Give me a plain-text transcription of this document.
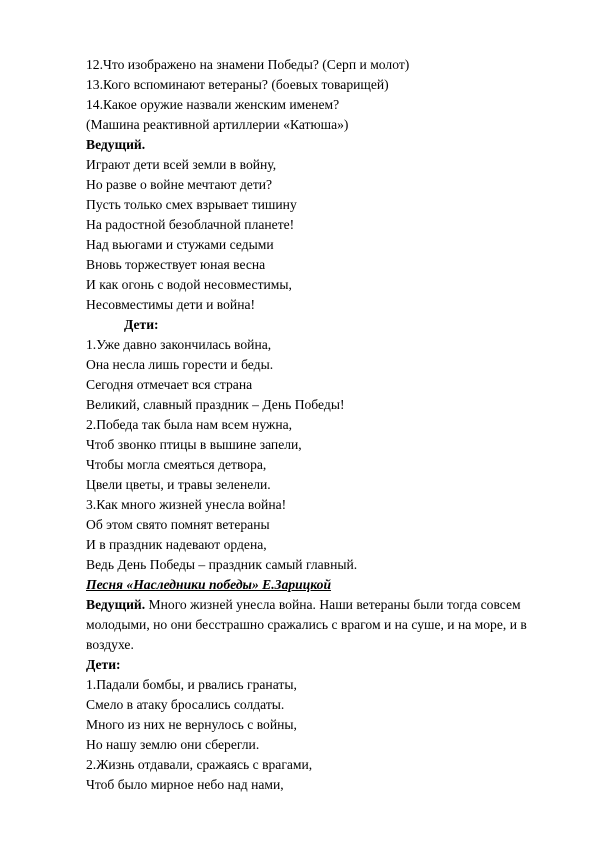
12.Что изображено на знамени Победы? (Серп и молот)
13.Кого вспоминают ветераны? (боевых товарищей)
14.Какое оружие назвали женским именем?
(Машина реактивной артиллерии «Катюша»)
Ведущий.
Играют дети всей земли в войну,
Но разве о войне мечтают дети?
Пусть только смех взрывает тишину
На радостной безоблачной планете!
Над вьюгами и стужами седыми
Вновь торжествует юная весна
И как огонь с водой несовместимы,
Несовместимы дети и война!
Дети:
1.Уже давно закончилась война,
Она несла лишь горести и беды.
Сегодня отмечает вся страна
Великий, славный праздник – День Победы!
2.Победа так была нам всем нужна,
Чтоб звонко птицы в вышине запели,
Чтобы могла смеяться детвора,
Цвели цветы, и травы зеленели.
3.Как много жизней унесла война!
Об этом свято помнят ветераны
И в праздник надевают ордена,
Ведь День Победы – праздник самый главный.
Песня «Наследники победы» Е.Зарицкой
Ведущий. Много жизней унесла война. Наши ветераны были тогда совсем
молодыми, но они бесстрашно сражались с врагом и на суше, и на море, и в
воздухе.
Дети:
1.Падали бомбы, и рвались гранаты,
Смело в атаку бросались солдаты.
Много из них не вернулось с войны,
Но нашу землю они сберегли.
2.Жизнь отдавали, сражаясь с врагами,
Чтоб было мирное небо над нами,
